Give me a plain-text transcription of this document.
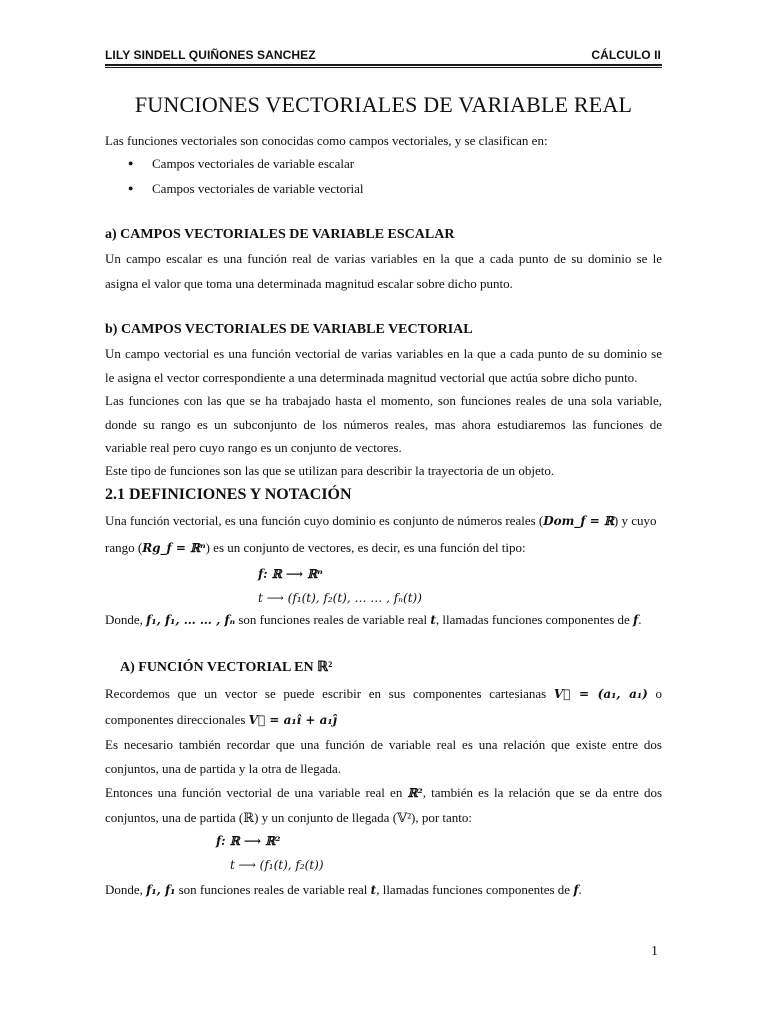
LILY SINDELL QUIÑONES SANCHEZ	CÁLCULO II
FUNCIONES VECTORIALES DE VARIABLE REAL
Las funciones vectoriales son conocidas como campos vectoriales, y se clasifican en:
● Campos vectoriales de variable escalar
● Campos vectoriales de variable vectorial
a) CAMPOS VECTORIALES DE VARIABLE ESCALAR
Un campo escalar es una función real de varias variables en la que a cada punto de su dominio se le
asigna el valor que toma una determinada magnitud escalar sobre dicho punto.
b) CAMPOS VECTORIALES DE VARIABLE VECTORIAL
Un campo vectorial es una función vectorial de varias variables en la que a cada punto de su dominio se
le asigna el vector correspondiente a una determinada magnitud vectorial que actúa sobre dicho punto.
Las funciones con las que se ha trabajado hasta el momento, son funciones reales de una sola variable,
donde su rango es un subconjunto de los números reales, mas ahora estudiaremos las funciones de
variable real pero cuyo rango es un conjunto de vectores.
Este tipo de funciones son las que se utilizan para describir la trayectoria de un objeto.
2.1 DEFINICIONES Y NOTACIÓN
Una función vectorial, es una función cuyo dominio es conjunto de números reales (Dom_f = ℝ) y cuyo
rango (Rg_f = ℝⁿ) es un conjunto de vectores, es decir, es una función del tipo:
f: ℝ ⟶ ℝⁿ
t ⟶ (f₁(t), f₂(t), … … , fₙ(t))
Donde, f₁, f₁, … … , fₙ son funciones reales de variable real t, llamadas funciones componentes de f.
A) FUNCIÓN VECTORIAL EN ℝ²
Recordemos que un vector se puede escribir en sus componentes cartesianas V⃗ = (a₁, a₁) o
componentes direccionales V⃗ = a₁î + a₁ĵ
Es necesario también recordar que una función de variable real es una relación que existe entre dos
conjuntos, una de partida y la otra de llegada.
Entonces una función vectorial de una variable real en ℝ², también es la relación que se da entre dos
conjuntos, una de partida (ℝ) y un conjunto de llegada (𝕍²), por tanto:
f: ℝ ⟶ ℝ²
t ⟶ (f₁(t), f₂(t))
Donde, f₁, f₁ son funciones reales de variable real t, llamadas funciones componentes de f.
1
